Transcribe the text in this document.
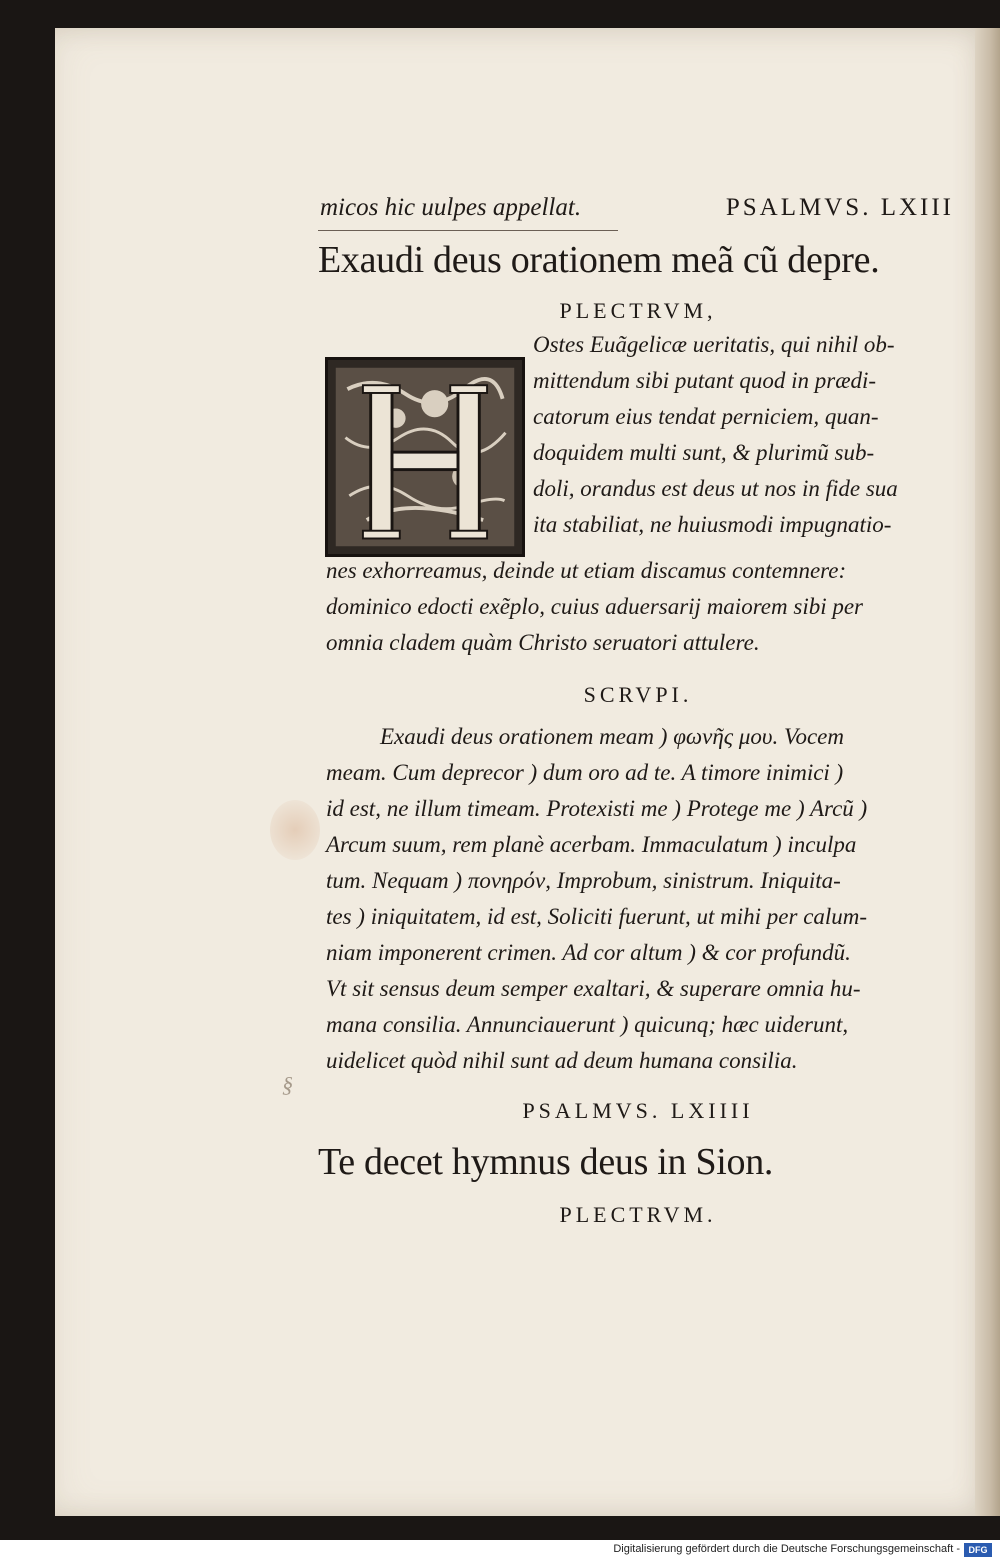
micos hic uulpes appellat.	PSALMVS. LXIII
Exaudi deus orationem meã cũ depre.
PLECTRVM,
Ostes Euãgelicæ ueritatis, qui nihil ob-
mittendum sibi putant quod in prædi-
catorum eius tendat perniciem, quan-
doquidem multi sunt, & plurimũ sub-
doli, orandus est deus ut nos in fide sua
ita stabiliat, ne huiusmodi impugnatio-
nes exhorreamus, deinde ut etiam discamus contemnere:
dominico edocti exẽplo, cuius aduersarij maiorem sibi per
omnia cladem quàm Christo seruatori attulere.
SCRVPI.
Exaudi deus orationem meam ) φωνῆς μου. Vocem
meam. Cum deprecor ) dum oro ad te. A timore inimici )
id est, ne illum timeam. Protexisti me ) Protege me ) Arcũ )
Arcum suum, rem planè acerbam. Immaculatum ) inculpa
tum. Nequam ) πονηρόν, Improbum, sinistrum. Iniquita-
tes ) iniquitatem, id est, Soliciti fuerunt, ut mihi per calum-
niam imponerent crimen. Ad cor altum ) & cor profundũ.
Vt sit sensus deum semper exaltari, & superare omnia hu-
mana consilia. Annunciauerunt ) quicunq; hæc uiderunt,
uidelicet quòd nihil sunt ad deum humana consilia.
§
PSALMVS. LXIIII
Te decet hymnus deus in Sion.
PLECTRVM.
Digitalisierung gefördert durch die Deutsche Forschungsgemeinschaft - DFG
